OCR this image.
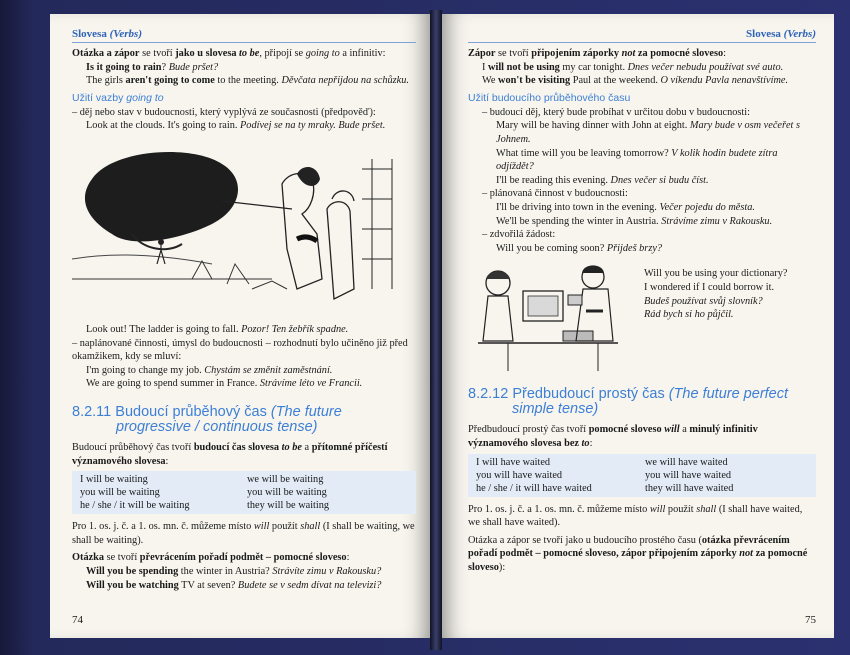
Slovesa (Verbs)

Otázka a zápor se tvoří jako u slovesa to be, připojí se going to a infinitiv:

Is it going to rain? Bude pršet?

The girls aren't going to come to the meeting. Děvčata nepřijdou na schůzku.

Užití vazby going to

– děj nebo stav v budoucnosti, který vyplývá ze současnosti (předpověď):

Look at the clouds. It's going to rain. Podívej se na ty mraky. Bude pršet.

Look out! The ladder is going to fall. Pozor! Ten žebřík spadne.

– naplánované činnosti, úmysl do budoucnosti – rozhodnutí bylo učiněno již před okamžikem, kdy se mluví:

I'm going to change my job. Chystám se změnit zaměstnání.

We are going to spend summer in France. Strávíme léto ve Francii.

8.2.11 Budoucí průběhový čas (The future
progressive / continuous tense)

Budoucí průběhový čas tvoří budoucí čas slovesa to be a přítomné příčestí významového slovesa:

I will be waiting	we will be waiting
you will be waiting	you will be waiting
he / she / it will be waiting	they will be waiting

Pro 1. os. j. č. a 1. os. mn. č. můžeme místo will použít shall (I shall be waiting, we shall be waiting).

Otázka se tvoří převrácením pořadí podmět – pomocné sloveso:

Will you be spending the winter in Austria? Strávíte zimu v Rakousku?

Will you be watching TV at seven? Budete se v sedm dívat na televizi?

74
Slovesa (Verbs)

Zápor se tvoří připojením záporky not za pomocné sloveso:

I will not be using my car tonight. Dnes večer nebudu používat své auto.

We won't be visiting Paul at the weekend. O víkendu Pavla nenavštívíme.

Užití budoucího průběhového času

– budoucí děj, který bude probíhat v určitou dobu v budoucnosti:

Mary will be having dinner with John at eight. Mary bude v osm večeřet s Johnem.

What time will you be leaving tomorrow? V kolik hodin budete zítra odjíždět?

I'll be reading this evening. Dnes večer si budu číst.

– plánovaná činnost v budoucnosti:

I'll be driving into town in the evening. Večer pojedu do města.

We'll be spending the winter in Austria. Strávíme zimu v Rakousku.

– zdvořilá žádost:

Will you be coming soon? Přijdeš brzy?

Will you be using your dictionary?

I wondered if I could borrow it.

Budeš používat svůj slovník?

Rád bych si ho půjčil.

8.2.12 Předbudoucí prostý čas (The future perfect
simple tense)

Předbudoucí prostý čas tvoří pomocné sloveso will a minulý infinitiv významového slovesa bez to:

I will have waited	we will have waited
you will have waited	you will have waited
he / she / it will have waited	they will have waited

Pro 1. os. j. č. a 1. os. mn. č. můžeme místo will použít shall (I shall have waited, we shall have waited).

Otázka a zápor se tvoří jako u budoucího prostého času (otázka převrácením pořadí podmět – pomocné sloveso, zápor připojením záporky not za pomocné sloveso):

75
